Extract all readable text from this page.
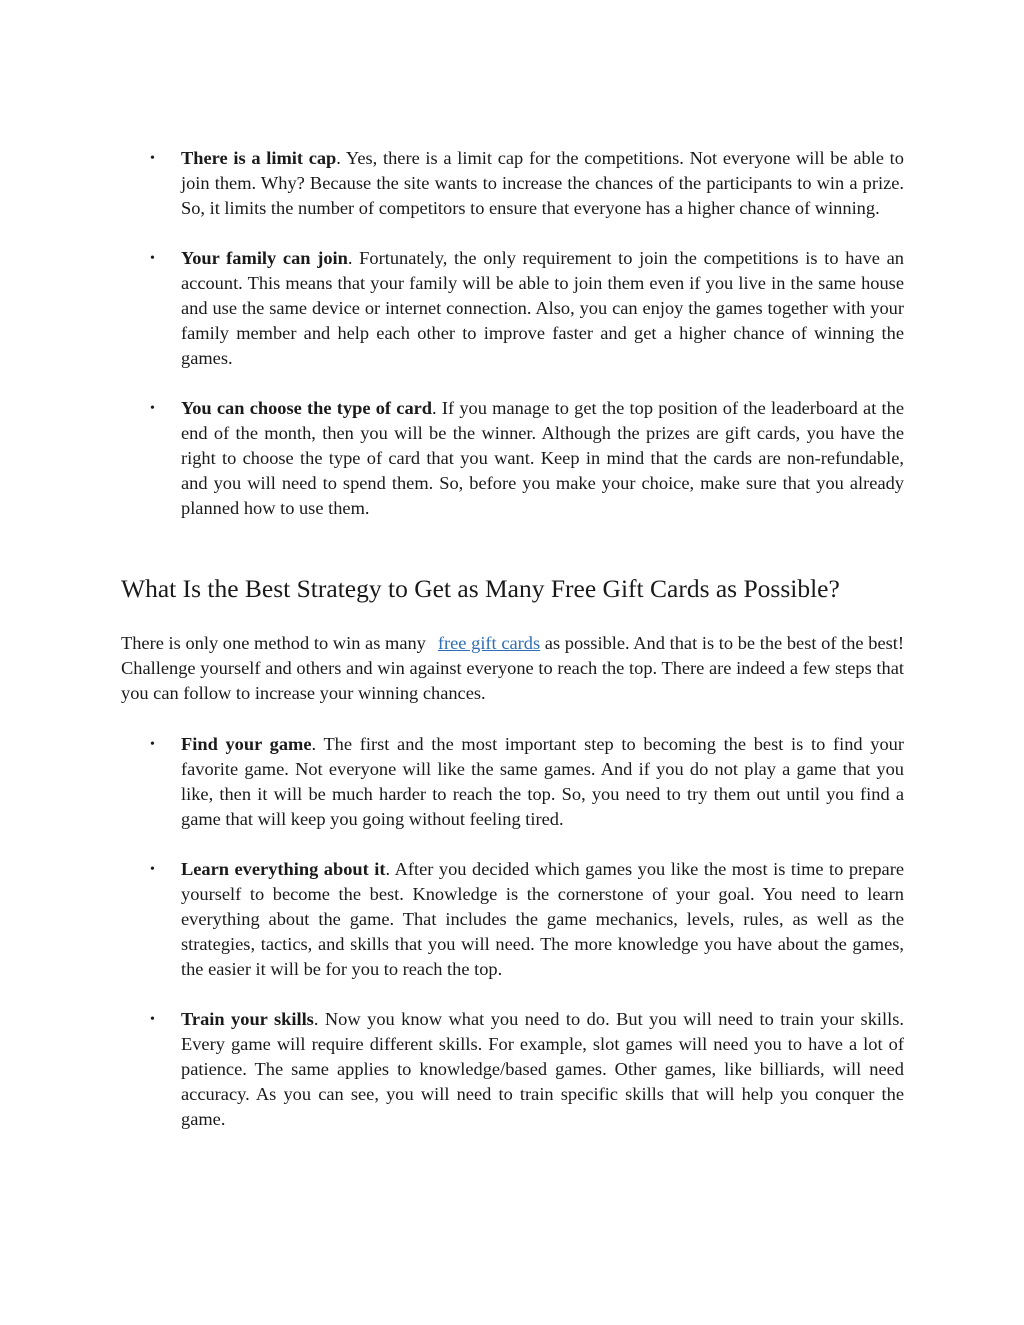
• There is a limit cap. Yes, there is a limit cap for the competitions. Not everyone will be able to join them. Why? Because the site wants to increase the chances of the participants to win a prize. So, it limits the number of competitors to ensure that everyone has a higher chance of winning.
• Your family can join. Fortunately, the only requirement to join the competitions is to have an account. This means that your family will be able to join them even if you live in the same house and use the same device or internet connection. Also, you can enjoy the games together with your family member and help each other to improve faster and get a higher chance of winning the games.
• You can choose the type of card. If you manage to get the top position of the leaderboard at the end of the month, then you will be the winner. Although the prizes are gift cards, you have the right to choose the type of card that you want. Keep in mind that the cards are non-refundable, and you will need to spend them. So, before you make your choice, make sure that you already planned how to use them.
What Is the Best Strategy to Get as Many Free Gift Cards as Possible?

There is only one method to win as many free gift cards as possible. And that is to be the best of the best! Challenge yourself and others and win against everyone to reach the top. There are indeed a few steps that you can follow to increase your winning chances.

• Find your game. The first and the most important step to becoming the best is to find your favorite game. Not everyone will like the same games. And if you do not play a game that you like, then it will be much harder to reach the top. So, you need to try them out until you find a game that will keep you going without feeling tired.
• Learn everything about it. After you decided which games you like the most is time to prepare yourself to become the best. Knowledge is the cornerstone of your goal. You need to learn everything about the game. That includes the game mechanics, levels, rules, as well as the strategies, tactics, and skills that you will need. The more knowledge you have about the games, the easier it will be for you to reach the top.
• Train your skills. Now you know what you need to do. But you will need to train your skills. Every game will require different skills. For example, slot games will need you to have a lot of patience. The same applies to knowledge/based games. Other games, like billiards, will need accuracy. As you can see, you will need to train specific skills that will help you conquer the game.
